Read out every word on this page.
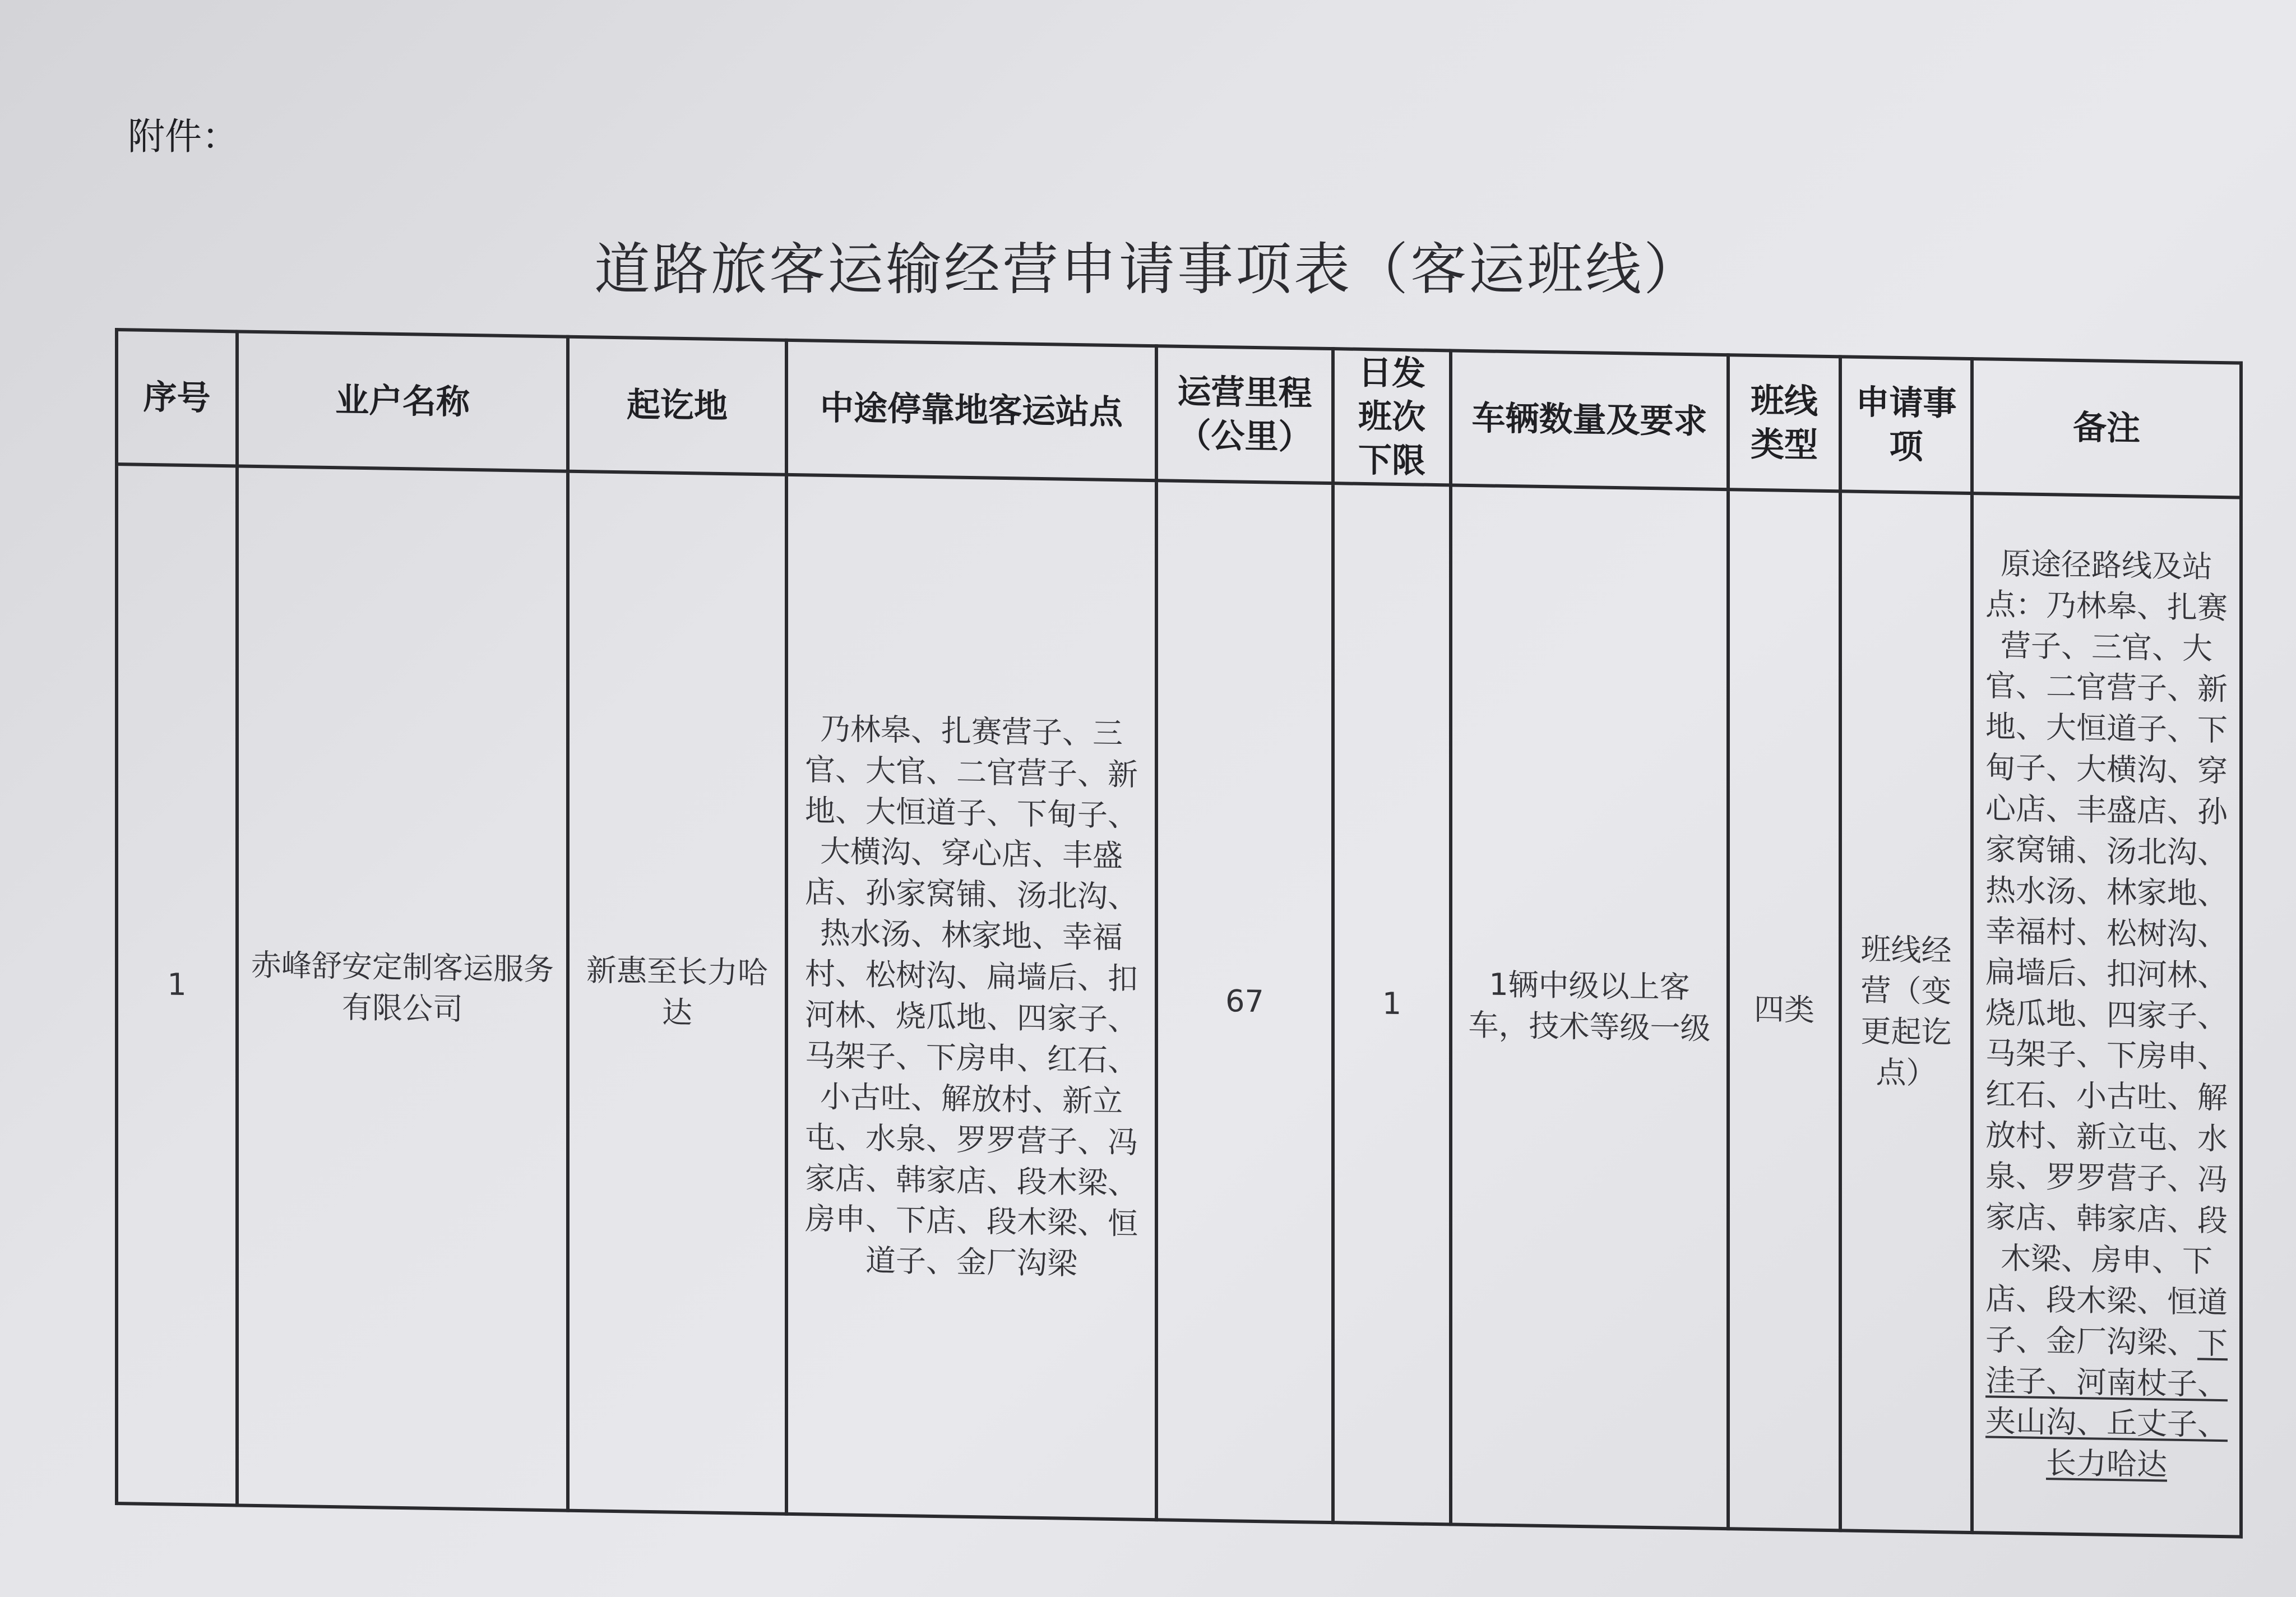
附件：
道路旅客运输经营申请事项表（客运班线）
序号	业户名称	起讫地	中途停靠地客运站点	运营里程（公里）	日发班次下限	车辆数量及要求	班线类型	申请事项	备注
1	赤峰舒安定制客运服务有限公司	新惠至长力哈达	乃林皋、扎赛营子、三官、大官、二官营子、新地、大恒道子、下甸子、大横沟、穿心店、丰盛店、孙家窝铺、汤北沟、热水汤、林家地、幸福村、松树沟、扁墙后、扣河林、烧瓜地、四家子、马架子、下房申、红石、小古吐、解放村、新立屯、水泉、罗罗营子、冯家店、韩家店、段木梁、房申、下店、段木梁、恒道子、金厂沟梁	67	1	1辆中级以上客车，技术等级一级	四类	班线经营（变更起讫点）	原途径路线及站点：乃林皋、扎赛营子、三官、大官、二官营子、新地、大恒道子、下甸子、大横沟、穿心店、丰盛店、孙家窝铺、汤北沟、热水汤、林家地、幸福村、松树沟、扁墙后、扣河林、烧瓜地、四家子、马架子、下房申、红石、小古吐、解放村、新立屯、水泉、罗罗营子、冯家店、韩家店、段木梁、房申、下店、段木梁、恒道子、金厂沟梁、下洼子、河南杖子、夹山沟、丘丈子、长力哈达
